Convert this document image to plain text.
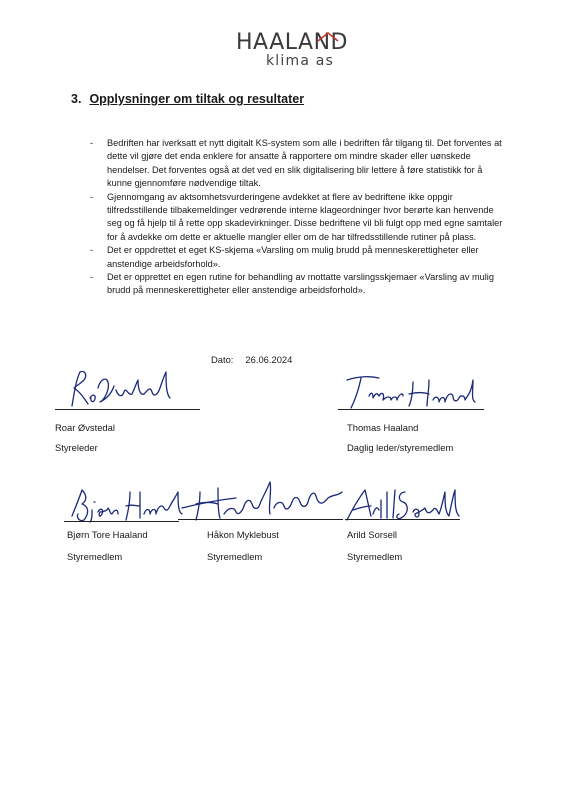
HAALAND
klima as
3. Opplysninger om tiltak og resultater
- Bedriften har iverksatt et nytt digitalt KS-system som alle i bedriften får tilgang til. Det forventes at dette vil gjøre det enda enklere for ansatte å rapportere om mindre skader eller uønskede hendelser. Det forventes også at det ved en slik digitalisering blir lettere å føre statistikk for å kunne gjennomføre nødvendige tiltak.
- Gjennomgang av aktsomhetsvurderingene avdekket at flere av bedriftene ikke oppgir tilfredsstillende tilbakemeldinger vedrørende interne klageordninger hvor berørte kan henvende seg og få hjelp til å rette opp skadevirkninger. Disse bedriftene vil bli fulgt opp med egne samtaler for å avdekke om dette er aktuelle mangler eller om de har tilfredsstillende rutiner på plass.
- Det er oppdrettet et eget KS-skjema «Varsling om mulig brudd på menneskerettigheter eller anstendige arbeidsforhold».
- Det er opprettet en egen rutine for behandling av mottatte varslingsskjemaer «Varsling av mulig brudd på menneskerettigheter eller anstendige arbeidsforhold».
Dato: 26.06.2024
Roar Øvstedal
Styreleder
Thomas Haaland
Daglig leder/styremedlem
Bjørn Tore Haaland
Styremedlem
Håkon Myklebust
Styremedlem
Arild Sorsell
Styremedlem
